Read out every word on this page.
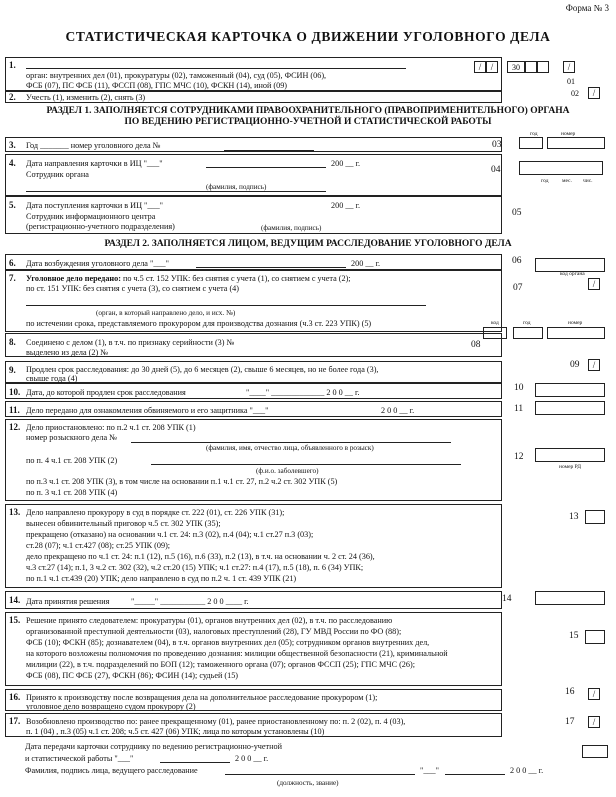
Форма № 3
СТАТИСТИЧЕСКАЯ КАРТОЧКА О ДВИЖЕНИИ УГОЛОВНОГО ДЕЛА
1.
орган: внутренних дел (01), прокуратуры (02), таможенный (04), суд (05), ФСИН (06),
ФСБ (07), ПС ФСБ (11), ФССП (08), ГПС МЧС (10), ФСКН (14), иной (09)
/
/
30
/
01
2. Учесть (1), изменить (2), снять (3)	02
/
РАЗДЕЛ 1. ЗАПОЛНЯЕТСЯ СОТРУДНИКАМИ ПРАВООХРАНИТЕЛЬНОГО (ПРАВОПРИМЕНИТЕЛЬНОГО) ОРГАНА
ПО ВЕДЕНИЮ РЕГИСТРАЦИОННО-УЧЕТНОЙ И СТАТИСТИЧЕСКОЙ РАБОТЫ
год	номер
3. Год _______ номер уголовного дела №	03
4. Дата направления карточки в ИЦ "___"	200 __ г.
Сотрудник органа
(фамилия, подпись)
04
год мес. чис.
5. Дата поступления карточки в ИЦ "___"	200 __ г.
Сотрудник информационного центра
(регистрационно-учетного подразделения)	(фамилия, подпись)
05
РАЗДЕЛ 2. ЗАПОЛНЯЕТСЯ ЛИЦОМ, ВЕДУЩИМ РАССЛЕДОВАНИЕ УГОЛОВНОГО ДЕЛА
6. Дата возбуждения уголовного дела "___"	200 __ г.	06
7. Уголовное дело передано: по ч.5 ст. 152 УПК: без снятия с учета (1), со снятием с учета (2);
по ст. 151 УПК: без снятия с учета (3), со снятием с учета (4)
(орган, в который направлено дело, и исх. №)
по истечении срока, представляемого прокурором для производства дознания (ч.3 ст. 223 УПК) (5)
код органа
/
07
8. Соединено с делом (1), в т.ч. по признаку серийности (3) №
выделено из дела (2) №
код	год	номер
08
9. Продлен срок расследования: до 30 дней (5), до 6 месяцев (2), свыше 6 месяцев, но не более года (3),
свыше года (4)
09
/
10. Дата, до которой продлен срок расследования	"____" _____________ 2 0 0 __ г.	10
11. Дело передано для ознакомления обвиняемого и его защитника "___"	2 0 0 __ г.	11
12. Дело приостановлено: по п.2 ч.1 ст. 208 УПК (1)
номер розыскного дела №
(фамилия, имя, отчество лица, объявленного в розыск)
по п. 4 ч.1 ст. 208 УПК (2)
(ф.и.о. заболевшего)
по п.3 ч.1 ст. 208 УПК (3), в том числе на основании п.1 ч.1 ст. 27, п.2 ч.2 ст. 302 УПК (5)
по п. 3 ч.1 ст. 208 УПК (4)
12
номер РД
13. Дело направлено прокурору в суд в порядке ст. 222 (01), ст. 226 УПК (31);
вынесен обвинительный приговор ч.5 ст. 302 УПК (35);
прекращено (отказано) на основании ч.1 ст. 24: п.3 (02), п.4 (04); ч.1 ст.27 п.3 (03);
ст.28 (07); ч.1 ст.427 (08); ст.25 УПК (09);
дело прекращено по ч.1 ст. 24: п.1 (12), п.5 (16), п.6 (33), п.2 (13), в т.ч. на основании ч. 2 ст. 24 (36),
ч.3 ст.27 (14); п.1, 3 ч.2 ст. 302 (32), ч.2 ст.20 (15) УПК; ч.1 ст.27: п.4 (17), п.5 (18), п. 6 (34) УПК;
по п.1 ч.1 ст.439 (20) УПК; дело направлено в суд по п.2 ч. 1 ст. 439 УПК (21)
13
14. Дата принятия решения	"_____" ___________ 2 0 0 ____ г.	14
15. Решение принято следователем: прокуратуры (01), органов внутренних дел (02), в т.ч. по расследованию
организованной преступной деятельности (03), налоговых преступлений (28), ГУ МВД России по ФО (88);
ФСБ (10); ФСКН (85); дознавателем (04), в т.ч. органов внутренних дел (05); сотрудником органов внутренних дел,
на которого возложены полномочия по проведению дознания: милиции общественной безопасности (21), криминальной
милиции (22), в т.ч. подразделений по БОП (12); таможенного органа (07); органов ФССП (25); ГПС МЧС (26);
ФСБ (08), ПС ФСБ (27), ФСКН (86); ФСИН (14); судьей (15)
15
16. Принято к производству после возвращения дела на дополнительное расследование прокурором (1);
уголовное дело возвращено судом прокурору (2)
16
/
17. Возобновлено производство по: ранее прекращенному (01), ранее приостановленному по: п. 2 (02), п. 4 (03),
п. 1 (04) , п.3 (05) ч.1 ст. 208; ч.5 ст. 427 (06) УПК; лица по которым установлены (10)
17
/
Дата передачи карточки сотруднику по ведению регистрационно-учетной
и статистической работы "___"	2 0 0 __ г.
Фамилия, подпись лица, ведущего расследование	"___"	2 0 0 __ г.
(должность, звание)
